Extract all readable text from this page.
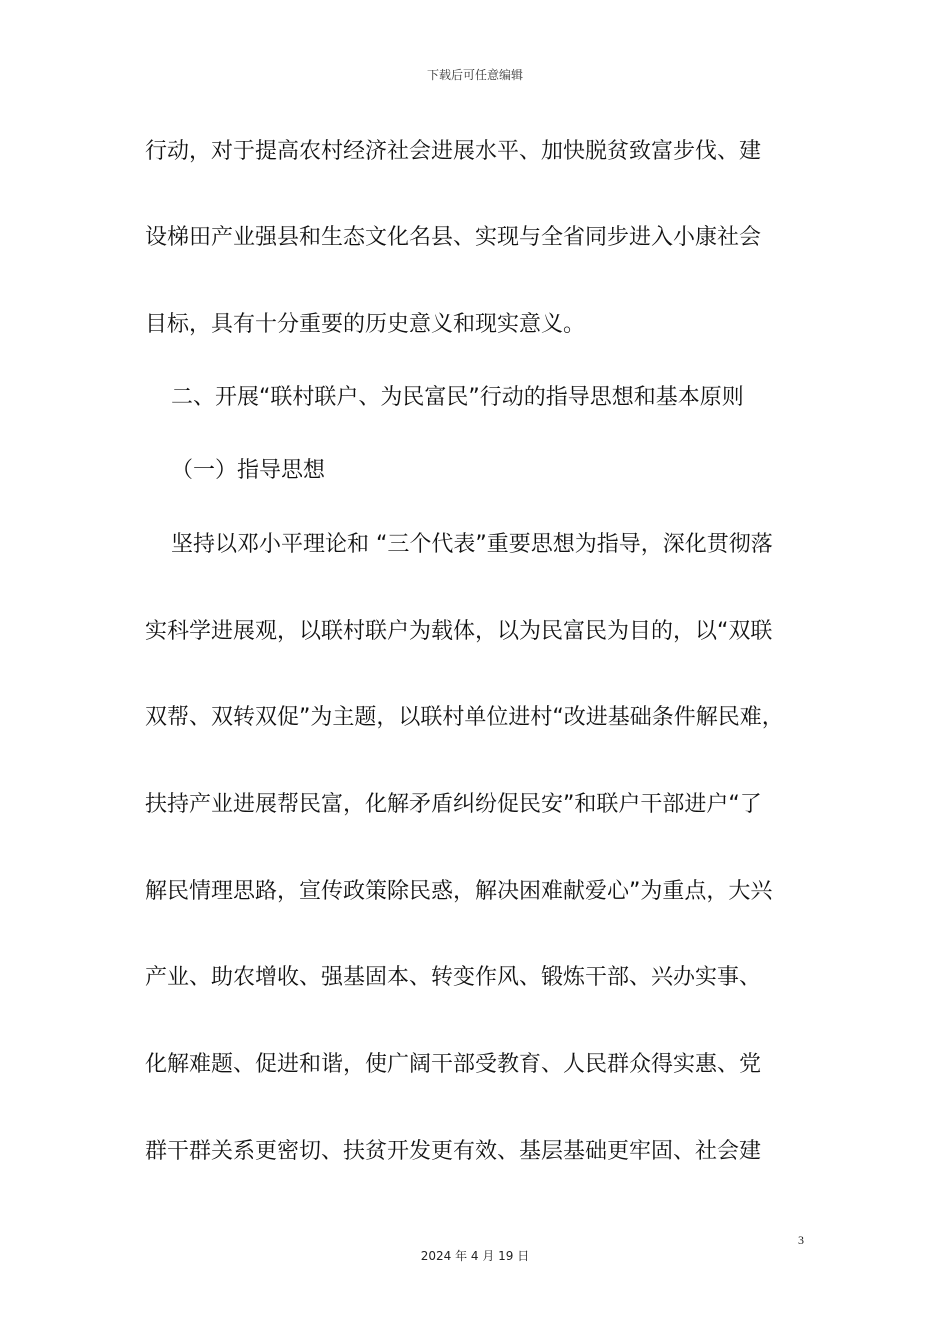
下载后可任意编辑
行动，对于提高农村经济社会进展水平、加快脱贫致富步伐、建
设梯田产业强县和生态文化名县、实现与全省同步进入小康社会
目标，具有十分重要的历史意义和现实意义。
二、开展“联村联户、为民富民”行动的指导思想和基本原则
（一）指导思想
坚持以邓小平理论和 “三个代表”重要思想为指导，深化贯彻落
实科学进展观，以联村联户为载体，以为民富民为目的，以“双联
双帮、双转双促”为主题，以联村单位进村“改进基础条件解民难，
扶持产业进展帮民富，化解矛盾纠纷促民安”和联户干部进户“了
解民情理思路，宣传政策除民惑，解决困难献爱心”为重点，大兴
产业、助农增收、强基固本、转变作风、锻炼干部、兴办实事、
化解难题、促进和谐，使广阔干部受教育、人民群众得实惠、党
群干群关系更密切、扶贫开发更有效、基层基础更牢固、社会建
3
2024 年 4 月 19 日
